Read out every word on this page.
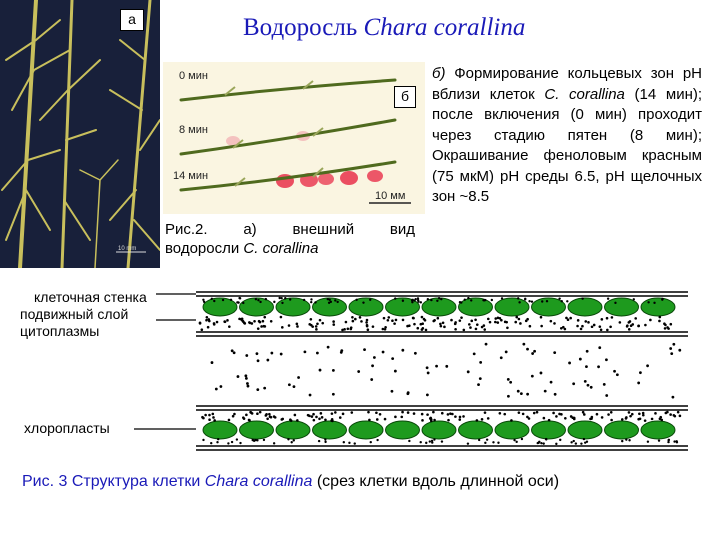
10 mm
а	Водоросль Chara corallina
0 мин
8 мин
14 мин
10 мм
б
Рис.2. а) внешний вид
водоросли C. corallina
б) Формирование кольцевых зон рН вблизи клеток C. corallina (14 мин); после включения (0 мин) проходит через стадию пятен (8 мин); Окрашивание феноловым красным (75 мкМ) рН среды 6.5, рН щелочных зон ~8.5
клеточная стенка
подвижный слой
цитоплазмы
хлоропласты
Рис. 3 Структура клетки Chara corallina (срез клетки вдоль длинной оси)
